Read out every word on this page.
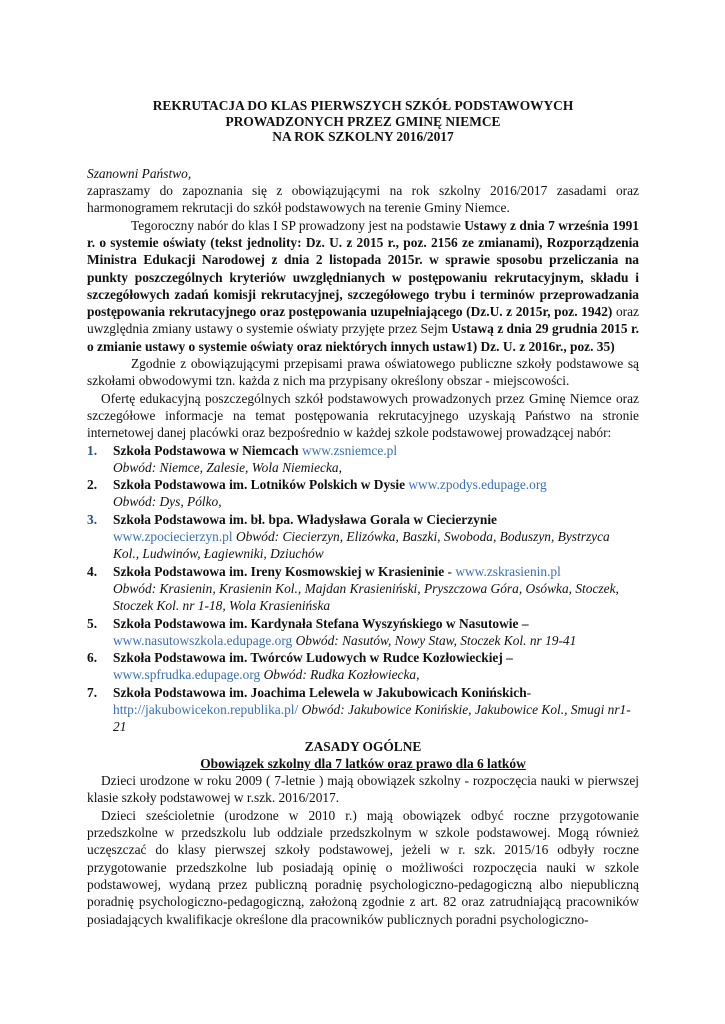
REKRUTACJA DO KLAS PIERWSZYCH SZKÓŁ PODSTAWOWYCH
PROWADZONYCH PRZEZ GMINĘ NIEMCE
NA ROK SZKOLNY 2016/2017

Szanowni Państwo,

zapraszamy do zapoznania się z obowiązującymi na rok szkolny 2016/2017 zasadami oraz harmonogramem rekrutacji do szkół podstawowych na terenie Gminy Niemce.

Tegoroczny nabór do klas I SP prowadzony jest na podstawie Ustawy z dnia 7 września 1991 r. o systemie oświaty (tekst jednolity: Dz. U. z 2015 r., poz. 2156 ze zmianami), Rozporządzenia Ministra Edukacji Narodowej z dnia 2 listopada 2015r. w sprawie sposobu przeliczania na punkty poszczególnych kryteriów uwzględnianych w postępowaniu rekrutacyjnym, składu i szczegółowych zadań komisji rekrutacyjnej, szczegółowego trybu i terminów przeprowadzania postępowania rekrutacyjnego oraz postępowania uzupełniającego (Dz.U. z 2015r, poz. 1942) oraz uwzględnia zmiany ustawy o systemie oświaty przyjęte przez Sejm Ustawą z dnia 29 grudnia 2015 r. o zmianie ustawy o systemie oświaty oraz niektórych innych ustaw1) Dz. U. z 2016r., poz. 35)

Zgodnie z obowiązującymi przepisami prawa oświatowego publiczne szkoły podstawowe są szkołami obwodowymi tzn. każda z nich ma przypisany określony obszar - miejscowości.

Ofertę edukacyjną poszczególnych szkół podstawowych prowadzonych przez Gminę Niemce oraz szczegółowe informacje na temat postępowania rekrutacyjnego uzyskają Państwo na stronie internetowej danej placówki oraz bezpośrednio w każdej szkole podstawowej prowadzącej nabór:

1. Szkoła Podstawowa w Niemcach www.zsniemce.pl
Obwód: Niemce, Zalesie, Wola Niemiecka,
2. Szkoła Podstawowa im. Lotników Polskich w Dysie www.zpodys.edupage.org
Obwód: Dys, Pólko,
3. Szkoła Podstawowa im. bł. bpa. Władysława Gorala w Ciecierzynie
www.zpociecierzyn.pl Obwód: Ciecierzyn, Elizówka, Baszki, Swoboda, Boduszyn, Bystrzyca Kol., Ludwinów, Łagiewniki, Dziuchów
4. Szkoła Podstawowa im. Ireny Kosmowskiej w Krasieninie - www.zskrasienin.pl
Obwód: Krasienin, Krasienin Kol., Majdan Krasieniński, Pryszczowa Góra, Osówka, Stoczek, Stoczek Kol. nr 1-18, Wola Krasienińska
5. Szkoła Podstawowa im. Kardynała Stefana Wyszyńskiego w Nasutowie –
www.nasutowszkola.edupage.org Obwód: Nasutów, Nowy Staw, Stoczek Kol. nr 19-41
6. Szkoła Podstawowa im. Twórców Ludowych w Rudce Kozłowieckiej –
www.spfrudka.edupage.org Obwód: Rudka Kozłowiecka,
7. Szkoła Podstawowa im. Joachima Lelewela w Jakubowicach Konińskich-
http://jakubowicekon.republika.pl/ Obwód: Jakubowice Konińskie, Jakubowice Kol., Smugi nr1-21
ZASADY OGÓLNE
Obowiązek szkolny dla 7 latków oraz prawo dla 6 latków

Dzieci urodzone w roku 2009 ( 7-letnie ) mają obowiązek szkolny - rozpoczęcia nauki w pierwszej klasie szkoły podstawowej w r.szk. 2016/2017.

Dzieci sześcioletnie (urodzone w 2010 r.) mają obowiązek odbyć roczne przygotowanie przedszkolne w przedszkolu lub oddziale przedszkolnym w szkole podstawowej. Mogą również uczęszczać do klasy pierwszej szkoły podstawowej, jeżeli w r. szk. 2015/16 odbyły roczne przygotowanie przedszkolne lub posiadają opinię o możliwości rozpoczęcia nauki w szkole podstawowej, wydaną przez publiczną poradnię psychologiczno-pedagogiczną albo niepubliczną poradnię psychologiczno-pedagogiczną, założoną zgodnie z art. 82 oraz zatrudniającą pracowników posiadających kwalifikacje określone dla pracowników publicznych poradni psychologiczno-
